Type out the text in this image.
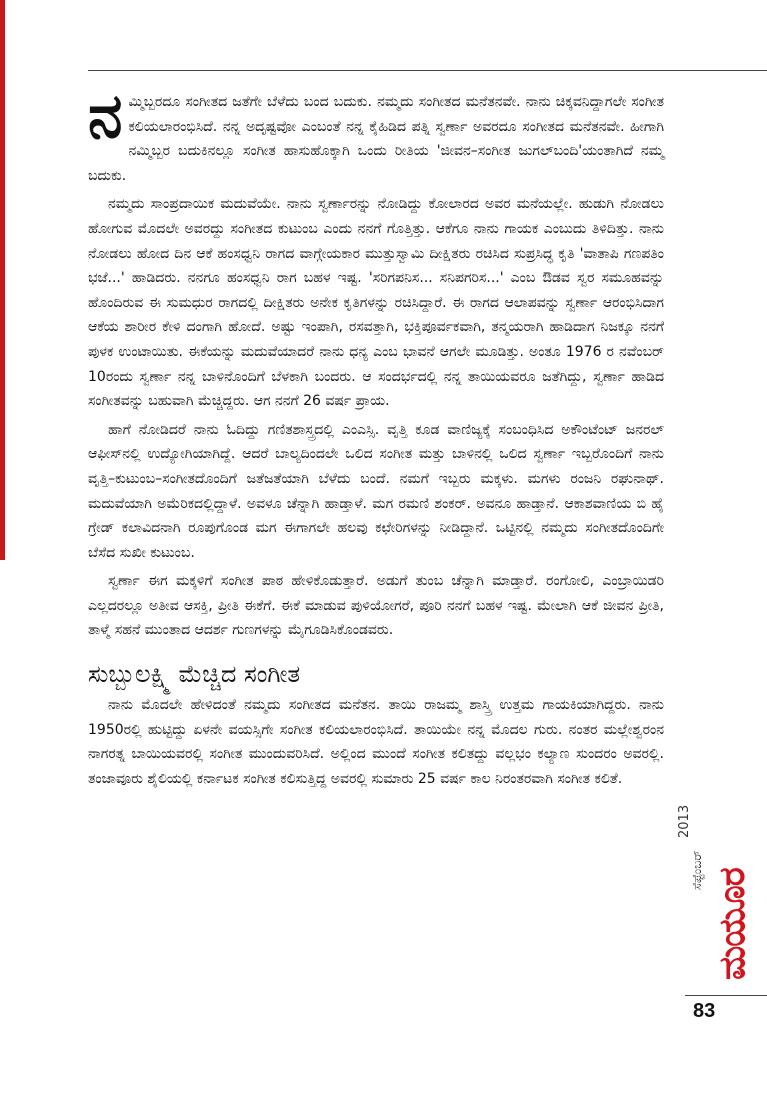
ನಮ್ಮಿಬ್ಬರದೂ ಸಂಗೀತದ ಜತೆಗೇ ಬೆಳೆದು ಬಂದ ಬದುಕು. ನಮ್ಮದು ಸಂಗೀತದ ಮನೆತನವೇ. ನಾನು ಚಿಕ್ಕವನಿದ್ದಾಗಲೇ ಸಂಗೀತ ಕಲಿಯಲಾರಂಭಿಸಿದೆ. ನನ್ನ ಅದೃಷ್ಟವೋ ಎಂಬಂತೆ ನನ್ನ ಕೈಹಿಡಿದ ಪತ್ನಿ ಸ್ವರ್ಣಾ ಅವರದೂ ಸಂಗೀತದ ಮನೆತನವೇ. ಹೀಗಾಗಿ ನಮ್ಮಿಬ್ಬರ ಬದುಕಿನಲ್ಲೂ ಸಂಗೀತ ಹಾಸುಹೊಕ್ಕಾಗಿ ಒಂದು ರೀತಿಯ 'ಜೀವನ–ಸಂಗೀತ ಜುಗಲ್‌ಬಂದಿ'ಯಂತಾಗಿದೆ ನಮ್ಮ ಬದುಕು.

ನಮ್ಮದು ಸಾಂಪ್ರದಾಯಿಕ ಮದುವೆಯೇ. ನಾನು ಸ್ವರ್ಣಾರನ್ನು ನೋಡಿದ್ದು ಕೋಲಾರದ ಅವರ ಮನೆಯಲ್ಲೇ. ಹುಡುಗಿ ನೋಡಲು ಹೋಗುವ ಮೊದಲೇ ಅವರದ್ದು ಸಂಗೀತದ ಕುಟುಂಬ ಎಂದು ನನಗೆ ಗೊತ್ತಿತ್ತು. ಆಕೆಗೂ ನಾನು ಗಾಯಕ ಎಂಬುದು ತಿಳಿದಿತ್ತು. ನಾನು ನೋಡಲು ಹೋದ ದಿನ ಆಕೆ ಹಂಸಧ್ವನಿ ರಾಗದ ವಾಗ್ಗೇಯಕಾರ ಮುತ್ತುಸ್ವಾಮಿ ದೀಕ್ಷಿತರು ರಚಿಸಿದ ಸುಪ್ರಸಿದ್ಧ ಕೃತಿ 'ವಾತಾಪಿ ಗಣಪತಿಂ ಭಜೆ...' ಹಾಡಿದರು. ನನಗೂ ಹಂಸಧ್ವನಿ ರಾಗ ಬಹಳ ಇಷ್ಟ. 'ಸರಿಗಪನಿಸ... ಸನಿಪಗರಿಸ...' ಎಂಬ ಔಡವ ಸ್ವರ ಸಮೂಹವನ್ನು ಹೊಂದಿರುವ ಈ ಸುಮಧುರ ರಾಗದಲ್ಲಿ ದೀಕ್ಷಿತರು ಅನೇಕ ಕೃತಿಗಳನ್ನು ರಚಿಸಿದ್ದಾರೆ. ಈ ರಾಗದ ಆಲಾಪವನ್ನು ಸ್ವರ್ಣಾ ಆರಂಭಿಸಿದಾಗ ಆಕೆಯ ಶಾರೀರ ಕೇಳಿ ದಂಗಾಗಿ ಹೋದೆ. ಅಷ್ಟು ಇಂಪಾಗಿ, ರಸವತ್ತಾಗಿ, ಭಕ್ತಿಪೂರ್ವಕವಾಗಿ, ತನ್ಮಯರಾಗಿ ಹಾಡಿದಾಗ ನಿಜಕ್ಕೂ ನನಗೆ ಪುಳಕ ಉಂಟಾಯಿತು. ಈಕೆಯನ್ನು ಮದುವೆಯಾದರೆ ನಾನು ಧನ್ಯ ಎಂಬ ಭಾವನೆ ಆಗಲೇ ಮೂಡಿತ್ತು. ಅಂತೂ 1976 ರ ನವೆಂಬರ್ 10ರಂದು ಸ್ವರ್ಣಾ ನನ್ನ ಬಾಳಿನೊಂದಿಗೆ ಬೆಳಕಾಗಿ ಬಂದರು. ಆ ಸಂದರ್ಭದಲ್ಲಿ ನನ್ನ ತಾಯಿಯವರೂ ಜತೆಗಿದ್ದು, ಸ್ವರ್ಣಾ ಹಾಡಿದ ಸಂಗೀತವನ್ನು ಬಹುವಾಗಿ ಮೆಚ್ಚಿದ್ದರು. ಆಗ ನನಗೆ 26 ವರ್ಷ ಪ್ರಾಯ.

ಹಾಗೆ ನೋಡಿದರೆ ನಾನು ಓದಿದ್ದು ಗಣಿತಶಾಸ್ತ್ರದಲ್ಲಿ ಎಂಎಸ್ಸಿ. ವೃತ್ತಿ ಕೂಡ ವಾಣಿಜ್ಯಕ್ಕೆ ಸಂಬಂಧಿಸಿದ ಅಕೌಂಟೆಂಟ್ ಜನರಲ್ ಆಫೀಸ್‌ನಲ್ಲಿ ಉದ್ಯೋಗಿಯಾಗಿದ್ದೆ. ಆದರೆ ಬಾಲ್ಯದಿಂದಲೇ ಒಲಿದ ಸಂಗೀತ ಮತ್ತು ಬಾಳಿನಲ್ಲಿ ಒಲಿದ ಸ್ವರ್ಣಾ ಇಬ್ಬರೊಂದಿಗೆ ನಾನು ವೃತ್ತಿ–ಕುಟುಂಬ–ಸಂಗೀತದೊಂದಿಗೆ ಜತೆಜತೆಯಾಗಿ ಬೆಳೆದು ಬಂದೆ. ನಮಗೆ ಇಬ್ಬರು ಮಕ್ಕಳು. ಮಗಳು ರಂಜನಿ ರಘುನಾಥ್. ಮದುವೆಯಾಗಿ ಅಮೆರಿಕದಲ್ಲಿದ್ದಾಳೆ. ಅವಳೂ ಚೆನ್ನಾಗಿ ಹಾಡ್ತಾಳೆ. ಮಗ ರಮಣಿ ಶಂಕರ್. ಅವನೂ ಹಾಡ್ತಾನೆ. ಆಕಾಶವಾಣಿಯ ಬಿ ಹೈ ಗ್ರೇಡ್ ಕಲಾವಿದನಾಗಿ ರೂಪುಗೊಂಡ ಮಗ ಈಗಾಗಲೇ ಹಲವು ಕಛೇರಿಗಳನ್ನು ನೀಡಿದ್ದಾನೆ. ಒಟ್ಟಿನಲ್ಲಿ ನಮ್ಮದು ಸಂಗೀತದೊಂದಿಗೇ ಬೆಸೆದ ಸುಖೀ ಕುಟುಂಬ.

ಸ್ವರ್ಣಾ ಈಗ ಮಕ್ಕಳಿಗೆ ಸಂಗೀತ ಪಾಠ ಹೇಳಿಕೊಡುತ್ತಾರೆ. ಅಡುಗೆ ತುಂಬ ಚೆನ್ನಾಗಿ ಮಾಡ್ತಾರೆ. ರಂಗೋಲಿ, ಎಂಬ್ರಾಯಿಡರಿ ಎಲ್ಲದರಲ್ಲೂ ಅತೀವ ಆಸಕ್ತಿ, ಪ್ರೀತಿ ಈಕೆಗೆ. ಈಕೆ ಮಾಡುವ ಪುಳಿಯೋಗರೆ, ಪೂರಿ ನನಗೆ ಬಹಳ ಇಷ್ಟ. ಮೇಲಾಗಿ ಆಕೆ ಜೀವನ ಪ್ರೀತಿ, ತಾಳ್ಮೆ ಸಹನೆ ಮುಂತಾದ ಆದರ್ಶ ಗುಣಗಳನ್ನು ಮೈಗೂಡಿಸಿಕೊಂಡವರು.

ಸುಬ್ಬುಲಕ್ಷ್ಮಿ ಮೆಚ್ಚಿದ ಸಂಗೀತ

ನಾನು ಮೊದಲೇ ಹೇಳಿದಂತೆ ನಮ್ಮದು ಸಂಗೀತದ ಮನೆತನ. ತಾಯಿ ರಾಜಮ್ಮ ಶಾಸ್ತ್ರಿ ಉತ್ತಮ ಗಾಯಕಿಯಾಗಿದ್ದರು. ನಾನು 1950ರಲ್ಲಿ ಹುಟ್ಟಿದ್ದು ಏಳನೇ ವಯಸ್ಸಿಗೇ ಸಂಗೀತ ಕಲಿಯಲಾರಂಭಿಸಿದೆ. ತಾಯಿಯೇ ನನ್ನ ಮೊದಲ ಗುರು. ನಂತರ ಮಲ್ಲೇಶ್ವರಂನ ನಾಗರತ್ನ ಬಾಯಿಯವರಲ್ಲಿ ಸಂಗೀತ ಮುಂದುವರಿಸಿದೆ. ಅಲ್ಲಿಂದ ಮುಂದೆ ಸಂಗೀತ ಕಲಿತದ್ದು ವಲ್ಲಭಂ ಕಲ್ಯಾಣ ಸುಂದರಂ ಅವರಲ್ಲಿ. ತಂಜಾವೂರು ಶೈಲಿಯಲ್ಲಿ ಕರ್ನಾಟಕ ಸಂಗೀತ ಕಲಿಸುತ್ತಿದ್ದ ಅವರಲ್ಲಿ ಸುಮಾರು 25 ವರ್ಷ ಕಾಲ ನಿರಂತರವಾಗಿ ಸಂಗೀತ ಕಲಿತೆ.

2013
ಸೆಪ್ಟೆಂಬರ್ ಮಯೂರ
83
